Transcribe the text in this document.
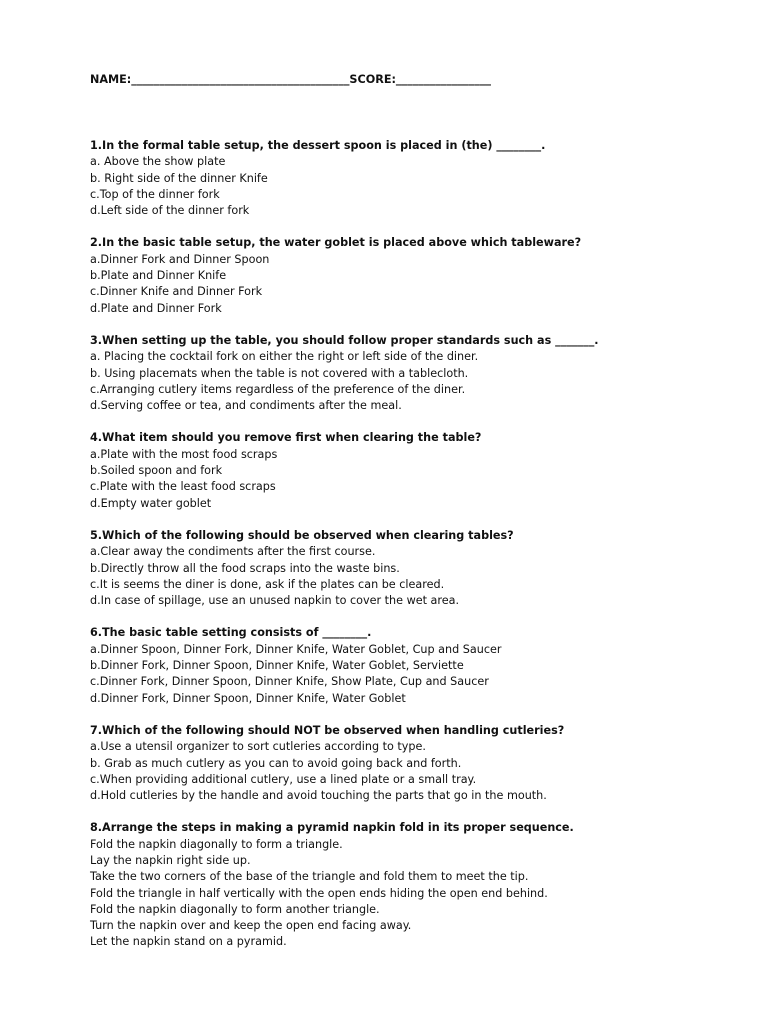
NAME:_______________________________________SCORE:_________________
1.In the formal table setup, the dessert spoon is placed in (the) ________.
a. Above the show plate
b. Right side of the dinner Knife
c.Top of the dinner fork
d.Left side of the dinner fork
2.In the basic table setup, the water goblet is placed above which tableware?
a.Dinner Fork and Dinner Spoon
b.Plate and Dinner Knife
c.Dinner Knife and Dinner Fork
d.Plate and Dinner Fork
3.When setting up the table, you should follow proper standards such as _______.
a. Placing the cocktail fork on either the right or left side of the diner.
b. Using placemats when the table is not covered with a tablecloth.
c.Arranging cutlery items regardless of the preference of the diner.
d.Serving coffee or tea, and condiments after the meal.
4.What item should you remove first when clearing the table?
a.Plate with the most food scraps
b.Soiled spoon and fork
c.Plate with the least food scraps
d.Empty water goblet
5.Which of the following should be observed when clearing tables?
a.Clear away the condiments after the first course.
b.Directly throw all the food scraps into the waste bins.
c.It is seems the diner is done, ask if the plates can be cleared.
d.In case of spillage, use an unused napkin to cover the wet area.
6.The basic table setting consists of ________.
a.Dinner Spoon, Dinner Fork, Dinner Knife, Water Goblet, Cup and Saucer
b.Dinner Fork, Dinner Spoon, Dinner Knife, Water Goblet, Serviette
c.Dinner Fork, Dinner Spoon, Dinner Knife, Show Plate, Cup and Saucer
d.Dinner Fork, Dinner Spoon, Dinner Knife, Water Goblet
7.Which of the following should NOT be observed when handling cutleries?
a.Use a utensil organizer to sort cutleries according to type.
b. Grab as much cutlery as you can to avoid going back and forth.
c.When providing additional cutlery, use a lined plate or a small tray.
d.Hold cutleries by the handle and avoid touching the parts that go in the mouth.
8.Arrange the steps in making a pyramid napkin fold in its proper sequence.
Fold the napkin diagonally to form a triangle.
Lay the napkin right side up.
Take the two corners of the base of the triangle and fold them to meet the tip.
Fold the triangle in half vertically with the open ends hiding the open end behind.
Fold the napkin diagonally to form another triangle.
Turn the napkin over and keep the open end facing away.
Let the napkin stand on a pyramid.
